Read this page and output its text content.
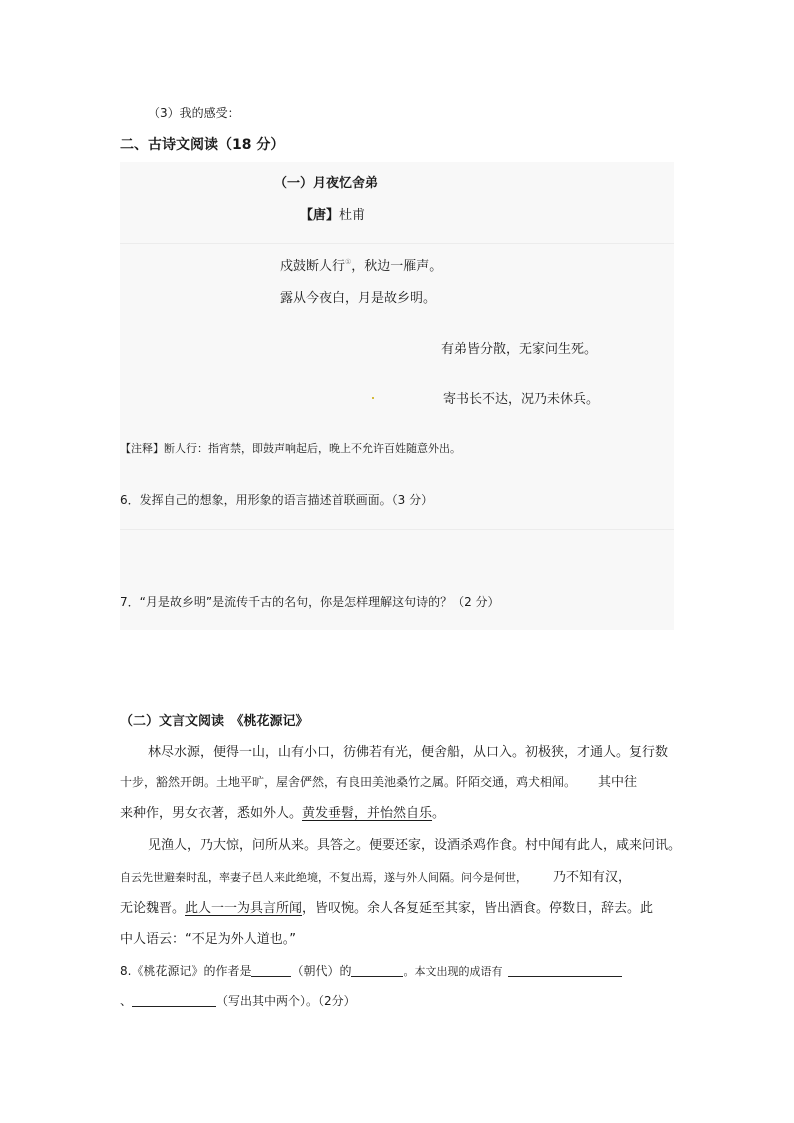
（3）我的感受：
二、古诗文阅读（18 分）
（一）月夜忆舍弟
【唐】杜甫
戍鼓断人行①，秋边一雁声。
露从今夜白，月是故乡明。
有弟皆分散，无家问生死。
寄书长不达，况乃未休兵。
【注释】断人行：指宵禁，即鼓声响起后，晚上不允许百姓随意外出。
6．发挥自己的想象，用形象的语言描述首联画面。（3 分）
7．“月是故乡明”是流传千古的名句，你是怎样理解这句诗的？（2 分）
（二）文言文阅读　《桃花源记》
林尽水源，便得一山，山有小口，彷佛若有光，便舍船，从口入。初极狭，才通人。复行数
十步，豁然开朗。土地平旷，屋舍俨然，有良田美池桑竹之属。阡陌交通，鸡犬相闻。 其中往
来种作，男女衣著，悉如外人。黄发垂髫，并怡然自乐。
见渔人，乃大惊，问所从来。具答之。便要还家，设酒杀鸡作食。村中闻有此人，咸来问讯。
自云先世避秦时乱，率妻子邑人来此绝境，不复出焉，遂与外人间隔。问今是何世， 乃不知有汉，
无论魏晋。此人一一为具言所闻，皆叹惋。余人各复延至其家，皆出酒食。停数日，辞去。此
中人语云：“不足为外人道也。”
8.《桃花源记》的作者是	（朝代）的	。本文出现的成语有
、	（写出其中两个）。（2分）
